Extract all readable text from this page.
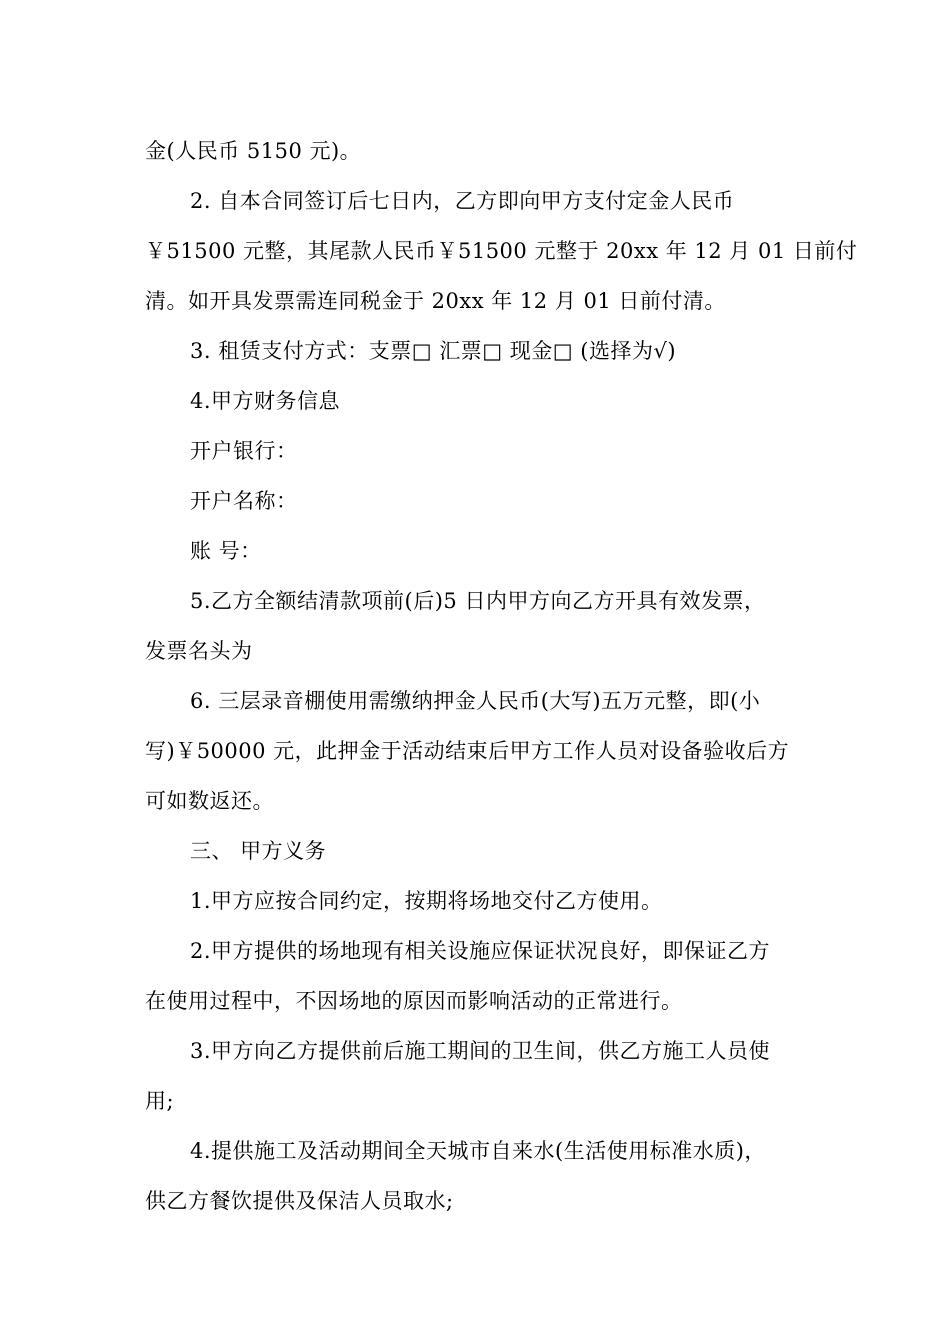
金(人民币 5150 元)。
2. 自本合同签订后七日内，乙方即向甲方支付定金人民币
￥51500 元整，其尾款人民币￥51500 元整于 20xx 年 12 月 01 日前付
清。如开具发票需连同税金于 20xx 年 12 月 01 日前付清。
3. 租赁支付方式：支票□ 汇票□ 现金□ (选择为√)
4.甲方财务信息
开户银行：
开户名称：
账 号：
5.乙方全额结清款项前(后)5 日内甲方向乙方开具有效发票，
发票名头为
6. 三层录音棚使用需缴纳押金人民币(大写)五万元整，即(小
写)￥50000 元，此押金于活动结束后甲方工作人员对设备验收后方
可如数返还。
三、 甲方义务
1.甲方应按合同约定，按期将场地交付乙方使用。
2.甲方提供的场地现有相关设施应保证状况良好，即保证乙方
在使用过程中，不因场地的原因而影响活动的正常进行。
3.甲方向乙方提供前后施工期间的卫生间，供乙方施工人员使
用;
4.提供施工及活动期间全天城市自来水(生活使用标准水质)，
供乙方餐饮提供及保洁人员取水;
